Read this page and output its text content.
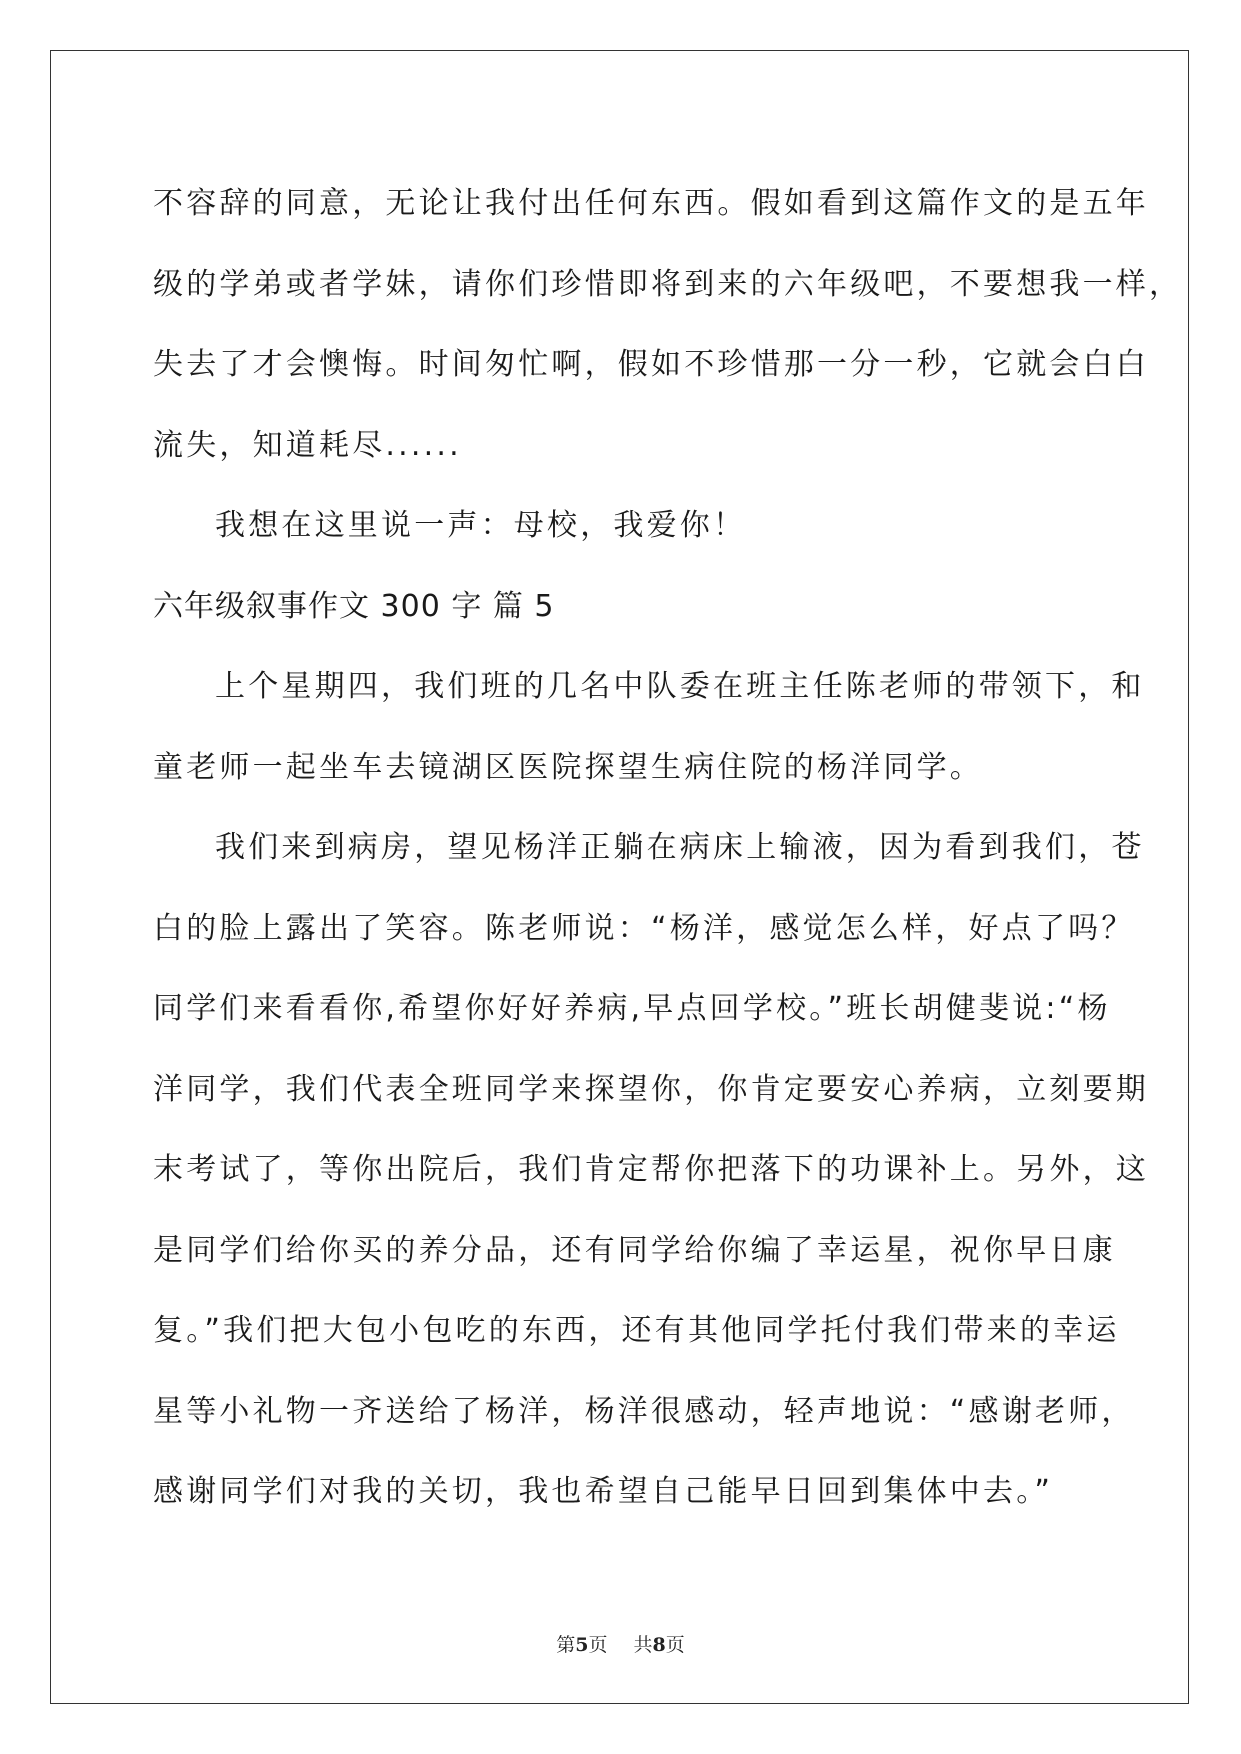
不容辞的同意，无论让我付出任何东西。假如看到这篇作文的是五年
级的学弟或者学妹，请你们珍惜即将到来的六年级吧，不要想我一样，
失去了才会懊悔。时间匆忙啊，假如不珍惜那一分一秒，它就会白白
流失，知道耗尽......
我想在这里说一声：母校，我爱你！
六年级叙事作文 300 字 篇 5
上个星期四，我们班的几名中队委在班主任陈老师的带领下，和
童老师一起坐车去镜湖区医院探望生病住院的杨洋同学。
我们来到病房，望见杨洋正躺在病床上输液，因为看到我们，苍
白的脸上露出了笑容。陈老师说：“杨洋，感觉怎么样，好点了吗？
同学们来看看你,希望你好好养病,早点回学校。”班长胡健斐说:“杨
洋同学，我们代表全班同学来探望你，你肯定要安心养病，立刻要期
末考试了，等你出院后，我们肯定帮你把落下的功课补上。另外，这
是同学们给你买的养分品，还有同学给你编了幸运星，祝你早日康
复。”我们把大包小包吃的东西，还有其他同学托付我们带来的幸运
星等小礼物一齐送给了杨洋，杨洋很感动，轻声地说：“感谢老师，
感谢同学们对我的关切，我也希望自己能早日回到集体中去。”
第5页 共8页
